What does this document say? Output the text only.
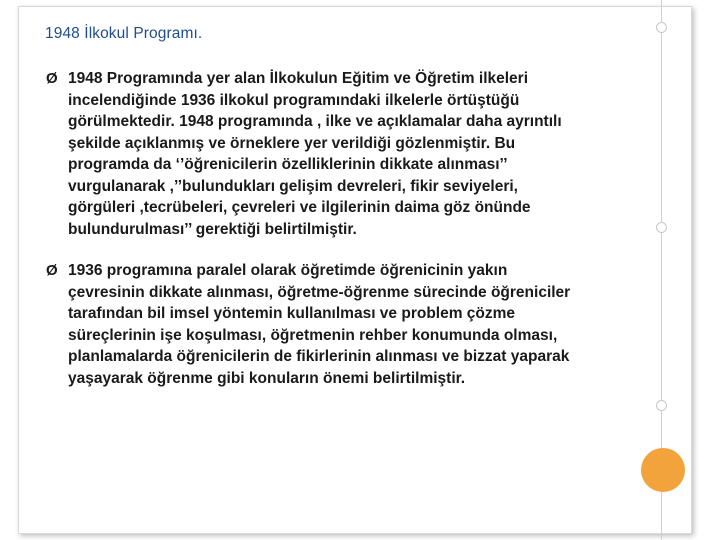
1948 İlkokul Programı.
Ø 1948 Programında yer alan İlkokulun Eğitim ve Öğretim ilkeleri
incelendiğinde 1936 ilkokul programındaki ilkelerle örtüştüğü
görülmektedir. 1948 programında , ilke ve açıklamalar daha ayrıntılı
şekilde açıklanmış ve örneklere yer verildiği gözlenmiştir. Bu
programda da ‘’öğrenicilerin özelliklerinin dikkate alınması’’
vurgulanarak ,’’bulundukları gelişim devreleri, fikir seviyeleri,
görgüleri ,tecrübeleri, çevreleri ve ilgilerinin daima göz önünde
bulundurulması’’ gerektiği belirtilmiştir.
Ø 1936 programına paralel olarak öğretimde öğrenicinin yakın
çevresinin dikkate alınması, öğretme-öğrenme sürecinde öğreniciler
tarafından bil imsel yöntemin kullanılması ve problem çözme
süreçlerinin işe koşulması, öğretmenin rehber konumunda olması,
planlamalarda öğrenicilerin de fikirlerinin alınması ve bizzat yaparak
yaşayarak öğrenme gibi konuların önemi belirtilmiştir.
